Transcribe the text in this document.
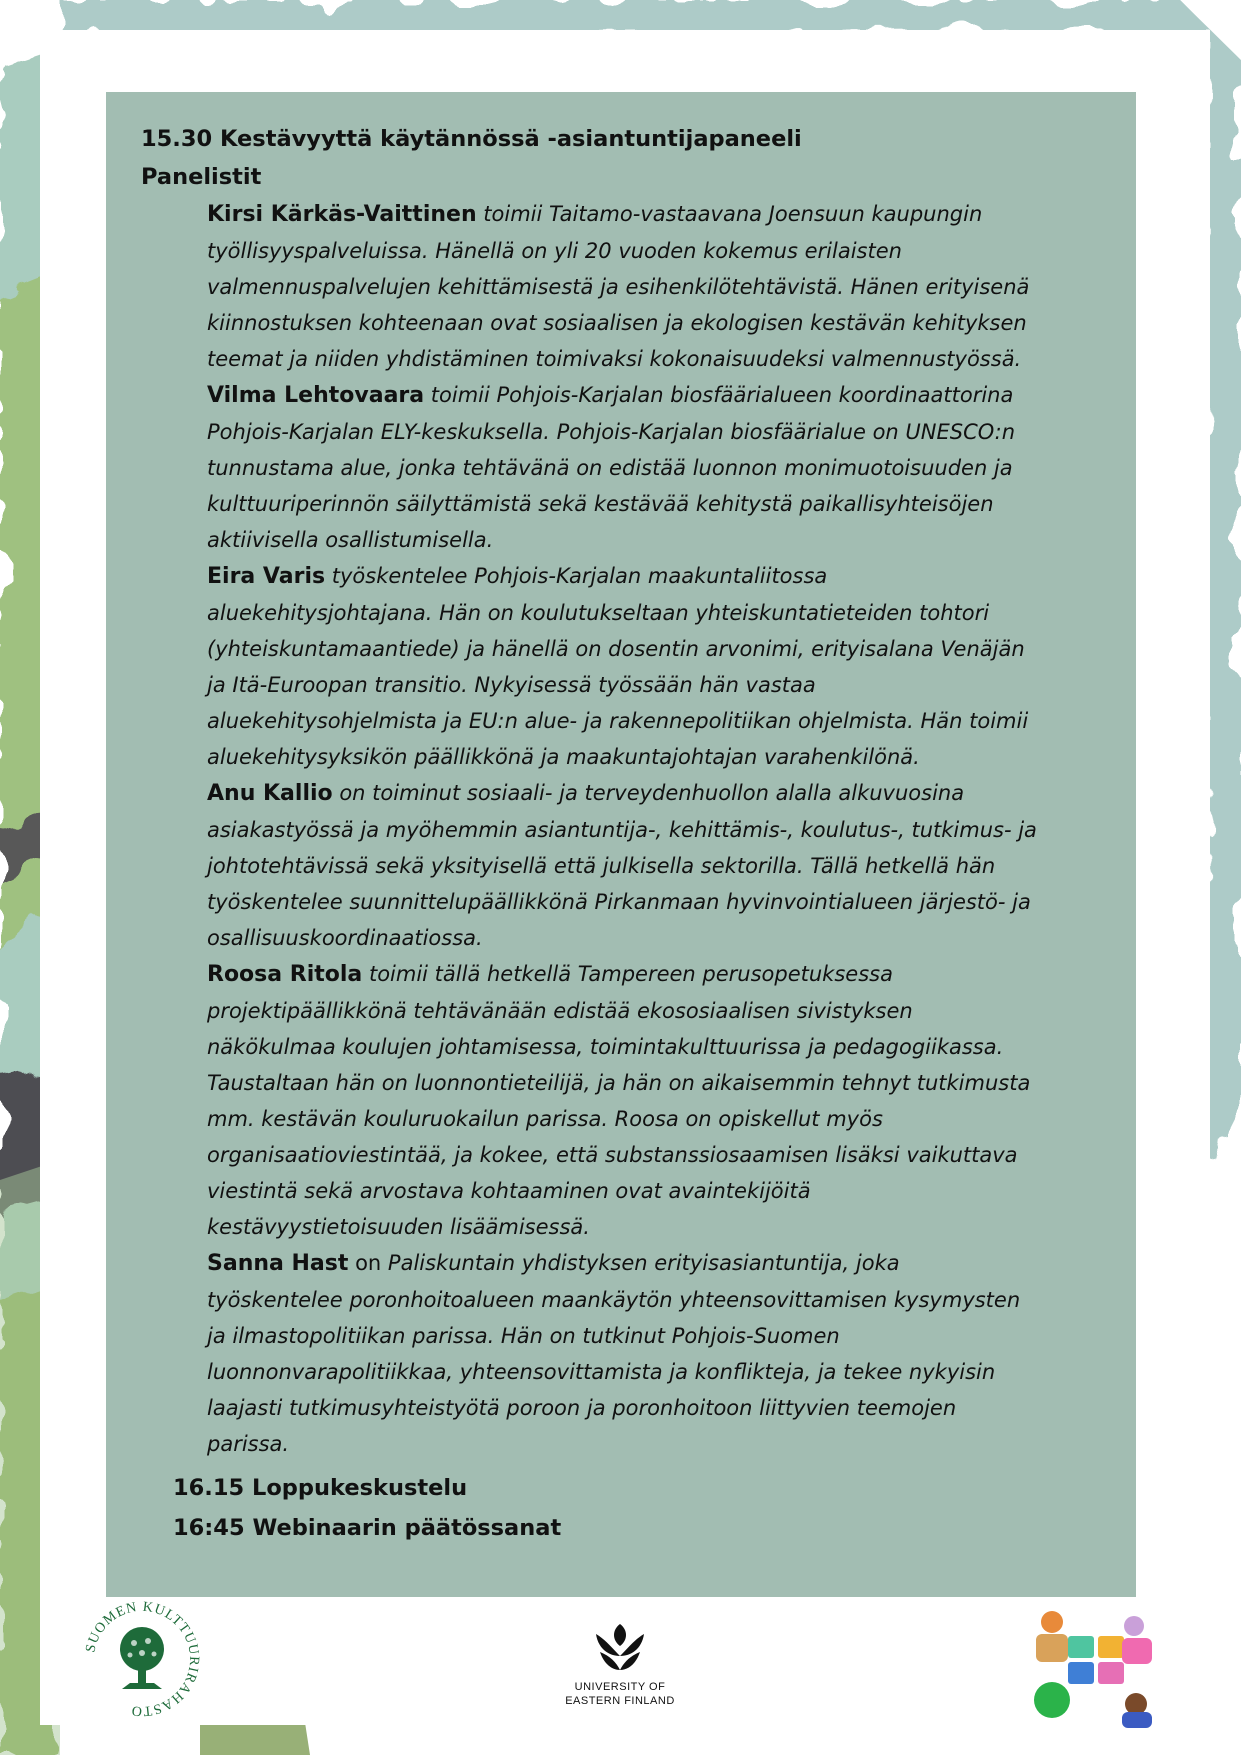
15.30 Kestävyyttä käytännössä -asiantuntijapaneeli

Panelistit

Kirsi Kärkäs-Vaittinen toimii Taitamo-vastaavana Joensuun kaupungin työllisyyspalveluissa. Hänellä on yli 20 vuoden kokemus erilaisten valmennuspalvelujen kehittämisestä ja esihenkilötehtävistä. Hänen erityisenä kiinnostuksen kohteenaan ovat sosiaalisen ja ekologisen kestävän kehityksen teemat ja niiden yhdistäminen toimivaksi kokonaisuudeksi valmennustyössä.

Vilma Lehtovaara toimii Pohjois-Karjalan biosfäärialueen koordinaattorina Pohjois-Karjalan ELY-keskuksella. Pohjois-Karjalan biosfäärialue on UNESCO:n tunnustama alue, jonka tehtävänä on edistää luonnon monimuotoisuuden ja kulttuuriperinnön säilyttämistä sekä kestävää kehitystä paikallisyhteisöjen aktiivisella osallistumisella.

Eira Varis työskentelee Pohjois-Karjalan maakuntaliitossa aluekehitysjohtajana. Hän on koulutukseltaan yhteiskuntatieteiden tohtori (yhteiskuntamaantiede) ja hänellä on dosentin arvonimi, erityisalana Venäjän ja Itä-Euroopan transitio. Nykyisessä työssään hän vastaa aluekehitysohjelmista ja EU:n alue- ja rakennepolitiikan ohjelmista. Hän toimii aluekehitysyksikön päällikkönä ja maakuntajohtajan varahenkilönä.

Anu Kallio on toiminut sosiaali- ja terveydenhuollon alalla alkuvuosina asiakastyössä ja myöhemmin asiantuntija-, kehittämis-, koulutus-, tutkimus- ja johtotehtävissä sekä yksityisellä että julkisella sektorilla. Tällä hetkellä hän työskentelee suunnittelupäällikkönä Pirkanmaan hyvinvointialueen järjestö- ja osallisuuskoordinaatiossa.

Roosa Ritola toimii tällä hetkellä Tampereen perusopetuksessa projektipäällikkönä tehtävänään edistää ekososiaalisen sivistyksen näkökulmaa koulujen johtamisessa, toimintakulttuurissa ja pedagogiikassa. Taustaltaan hän on luonnontieteilijä, ja hän on aikaisemmin tehnyt tutkimusta mm. kestävän kouluruokailun parissa. Roosa on opiskellut myös organisaatioviestintää, ja kokee, että substanssiosaamisen lisäksi vaikuttava viestintä sekä arvostava kohtaaminen ovat avaintekijöitä kestävyystietoisuuden lisäämisessä.

Sanna Hast on Paliskuntain yhdistyksen erityisasiantuntija, joka työskentelee poronhoitoalueen maankäytön yhteensovittamisen kysymysten ja ilmastopolitiikan parissa. Hän on tutkinut Pohjois-Suomen luonnonvarapolitiikkaa, yhteensovittamista ja konflikteja, ja tekee nykyisin laajasti tutkimusyhteistyötä poroon ja poronhoitoon liittyvien teemojen parissa.

16.15 Loppukeskustelu

16:45 Webinaarin päätössanat

SUOMEN KULTTUURIRAHASTO
UNIVERSITY OF
EASTERN FINLAND
